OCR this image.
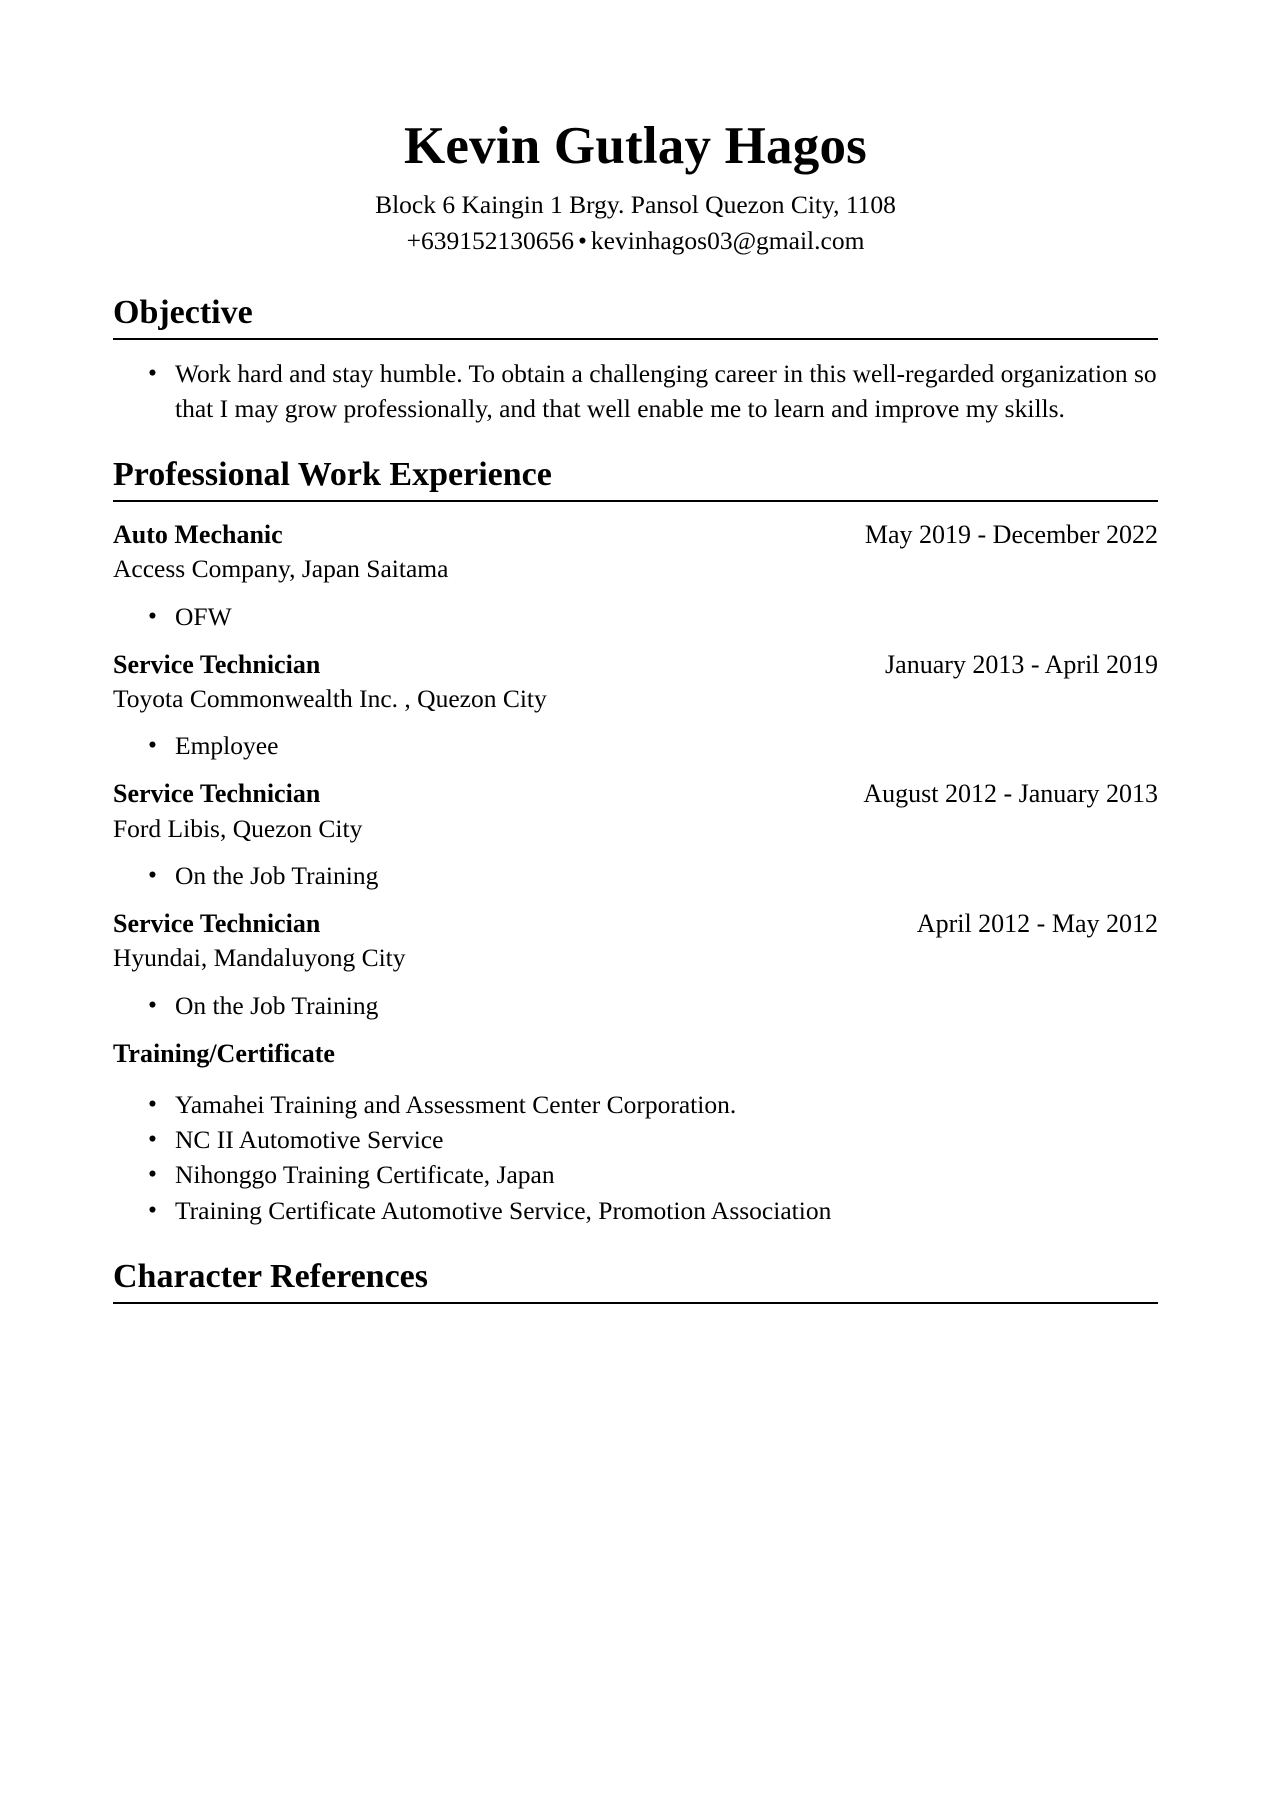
Kevin Gutlay Hagos

Block 6 Kaingin 1 Brgy. Pansol Quezon City, 1108

+639152130656 • kevinhagos03@gmail.com

Objective
• Work hard and stay humble. To obtain a challenging career in this well-regarded organization so that I may grow professionally, and that well enable me to learn and improve my skills.
Professional Work Experience
Auto Mechanic	May 2019 - December 2022
Access Company, Japan Saitama
• OFW
Service Technician	January 2013 - April 2019
Toyota Commonwealth Inc. , Quezon City
• Employee
Service Technician	August 2012 - January 2013
Ford Libis, Quezon City
• On the Job Training
Service Technician	April 2012 - May 2012
Hyundai, Mandaluyong City
• On the Job Training
Training/Certificate
• Yamahei Training and Assessment Center Corporation.
• NC II Automotive Service
• Nihonggo Training Certificate, Japan
• Training Certificate Automotive Service, Promotion Association
Character References
